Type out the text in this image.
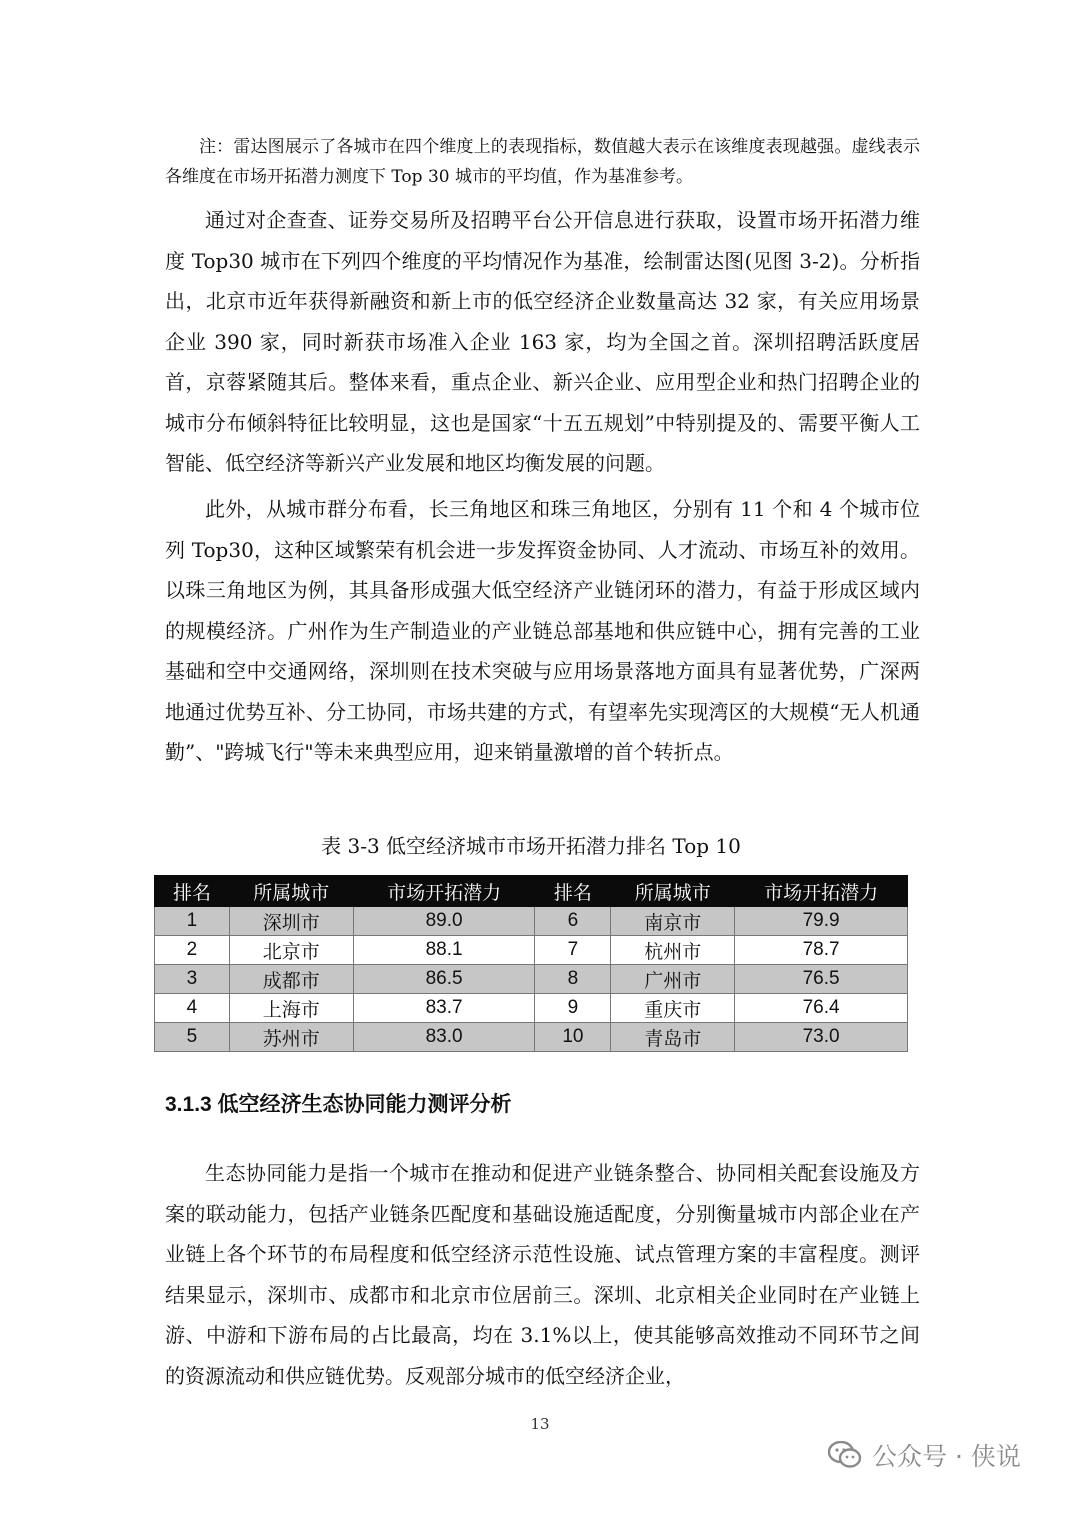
注：雷达图展示了各城市在四个维度上的表现指标，数值越大表示在该维度表现越强。虚线表示各维度在市场开拓潜力测度下 Top 30 城市的平均值，作为基准参考。

通过对企查查、证券交易所及招聘平台公开信息进行获取，设置市场开拓潜力维度 Top30 城市在下列四个维度的平均情况作为基准，绘制雷达图(见图 3-2)。分析指出，北京市近年获得新融资和新上市的低空经济企业数量高达 32 家，有关应用场景企业 390 家，同时新获市场准入企业 163 家，均为全国之首。深圳招聘活跃度居首，京蓉紧随其后。整体来看，重点企业、新兴企业、应用型企业和热门招聘企业的城市分布倾斜特征比较明显，这也是国家“十五五规划”中特别提及的、需要平衡人工智能、低空经济等新兴产业发展和地区均衡发展的问题。

此外，从城市群分布看，长三角地区和珠三角地区，分别有 11 个和 4 个城市位列 Top30，这种区域繁荣有机会进一步发挥资金协同、人才流动、市场互补的效用。以珠三角地区为例，其具备形成强大低空经济产业链闭环的潜力，有益于形成区域内的规模经济。广州作为生产制造业的产业链总部基地和供应链中心，拥有完善的工业基础和空中交通网络，深圳则在技术突破与应用场景落地方面具有显著优势，广深两地通过优势互补、分工协同，市场共建的方式，有望率先实现湾区的大规模“无人机通勤”、"跨城飞行"等未来典型应用，迎来销量激增的首个转折点。

表 3-3 低空经济城市市场开拓潜力排名 Top 10

排名	所属城市	市场开拓潜力	排名	所属城市	市场开拓潜力
1	深圳市	89.0	6	南京市	79.9
2	北京市	88.1	7	杭州市	78.7
3	成都市	86.5	8	广州市	76.5
4	上海市	83.7	9	重庆市	76.4
5	苏州市	83.0	10	青岛市	73.0
3.1.3 低空经济生态协同能力测评分析

生态协同能力是指一个城市在推动和促进产业链条整合、协同相关配套设施及方案的联动能力，包括产业链条匹配度和基础设施适配度，分别衡量城市内部企业在产业链上各个环节的布局程度和低空经济示范性设施、试点管理方案的丰富程度。测评结果显示，深圳市、成都市和北京市位居前三。深圳、北京相关企业同时在产业链上游、中游和下游布局的占比最高，均在 3.1%以上，使其能够高效推动不同环节之间的资源流动和供应链优势。反观部分城市的低空经济企业，

13
公众号 · 侠说
